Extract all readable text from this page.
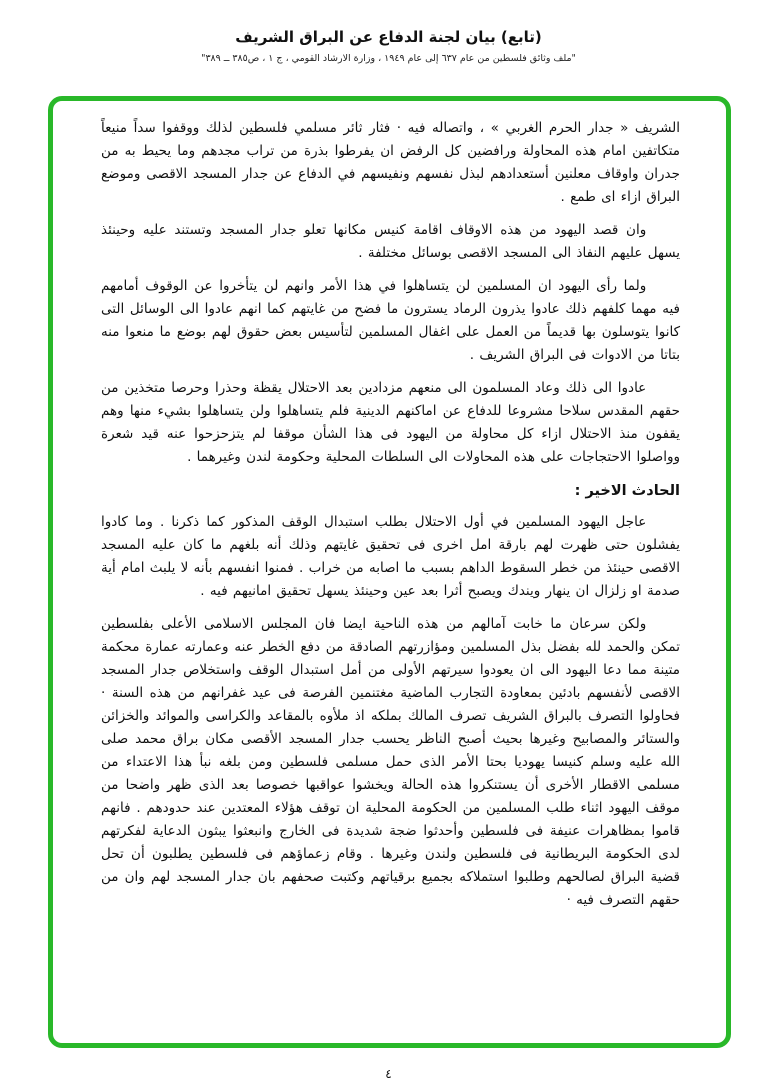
(تابع) بيان لجنة الدفاع عن البراق الشريف
"ملف وثائق فلسطين من عام ٦٣٧ إلى عام ١٩٤٩ ، وزارة الارشاد القومي ، ج ١ ، ص٣٨٥ ــ ٣٨٩"

الشريف « جدار الحرم الغربي » ، واتصاله فيه · فثار ثائر مسلمي فلسطين لذلك ووقفوا سداً منيعاً متكاتفين امام هذه المحاولة ورافضين كل الرفض ان يفرطوا بذرة من تراب مجدهم وما يحيط به من جدران واوقاف معلنين أستعدادهم لبذل نفسهم ونفيسهم في الدفاع عن جدار المسجد الاقصى وموضع البراق ازاء اى طمع .

وان قصد اليهود من هذه الاوقاف اقامة كنيس مكانها تعلو جدار المسجد وتستند عليه وحينئذ يسهل عليهم النفاذ الى المسجد الاقصى بوسائل مختلفة .

ولما رأى اليهود ان المسلمين لن يتساهلوا في هذا الأمر وانهم لن يتأخروا عن الوقوف أمامهم فيه مهما كلفهم ذلك عادوا يذرون الرماد يسترون ما فضح من غايتهم كما انهم عادوا الى الوسائل التى كانوا يتوسلون بها قديماً من العمل على اغفال المسلمين لتأسيس بعض حقوق لهم بوضع ما منعوا منه بتاتا من الادوات فى البراق الشريف .

عادوا الى ذلك وعاد المسلمون الى منعهم مزدادين بعد الاحتلال يقظة وحذرا وحرصا متخذين من حقهم المقدس سلاحا مشروعا للدفاع عن اماكنهم الدينية فلم يتساهلوا ولن يتساهلوا بشيء منها وهم يقفون منذ الاحتلال ازاء كل محاولة من اليهود فى هذا الشأن موقفا لم يتزحزحوا عنه قيد شعرة وواصلوا الاحتجاجات على هذه المحاولات الى السلطات المحلية وحكومة لندن وغيرهما .

الحادث الاخير :

عاجل اليهود المسلمين في أول الاحتلال بطلب استبدال الوقف المذكور كما ذكرنا . وما كادوا يفشلون حتى ظهرت لهم بارقة امل اخرى فى تحقيق غايتهم وذلك أنه بلغهم ما كان عليه المسجد الاقصى حينئذ من خطر السقوط الداهم بسبب ما اصابه من خراب . فمنوا انفسهم بأنه لا يلبث امام أية صدمة او زلزال ان ينهار ويندك ويصبح أثرا بعد عين وحينئذ يسهل تحقيق امانيهم فيه .

ولكن سرعان ما خابت آمالهم من هذه الناحية ايضا فان المجلس الاسلامى الأعلى بفلسطين تمكن والحمد لله بفضل بذل المسلمين ومؤازرتهم الصادقة من دفع الخطر عنه وعمارته عمارة محكمة متينة مما دعا اليهود الى ان يعودوا سيرتهم الأولى من أمل استبدال الوقف واستخلاص جدار المسجد الاقصى لأنفسهم بادئين بمعاودة التجارب الماضية مغتنمين الفرصة فى عيد غفرانهم من هذه السنة · فحاولوا التصرف بالبراق الشريف تصرف المالك بملكه اذ ملأوه بالمقاعد والكراسى والموائد والخزائن والستائر والمصابيح وغيرها بحيث أصبح الناظر يحسب جدار المسجد الأقصى مكان براق محمد صلى الله عليه وسلم كنيسا يهوديا بحتا الأمر الذى حمل مسلمى فلسطين ومن بلغه نبأ هذا الاعتداء من مسلمى الاقطار الأخرى أن يستنكروا هذه الحالة ويخشوا عواقبها خصوصا بعد الذى ظهر واضحا من موقف اليهود اثناء طلب المسلمين من الحكومة المحلية ان توقف هؤلاء المعتدين عند حدودهم . فانهم قاموا بمظاهرات عنيفة فى فلسطين وأحدثوا ضجة شديدة فى الخارج وانبعثوا يبثون الدعاية لفكرتهم لدى الحكومة البريطانية فى فلسطين ولندن وغيرها . وقام زعماؤهم فى فلسطين يطلبون أن تحل قضية البراق لصالحهم وطلبوا استملاكه بجميع برقياتهم وكتبت صحفهم بان جدار المسجد لهم وان من حقهم التصرف فيه ·

٤
